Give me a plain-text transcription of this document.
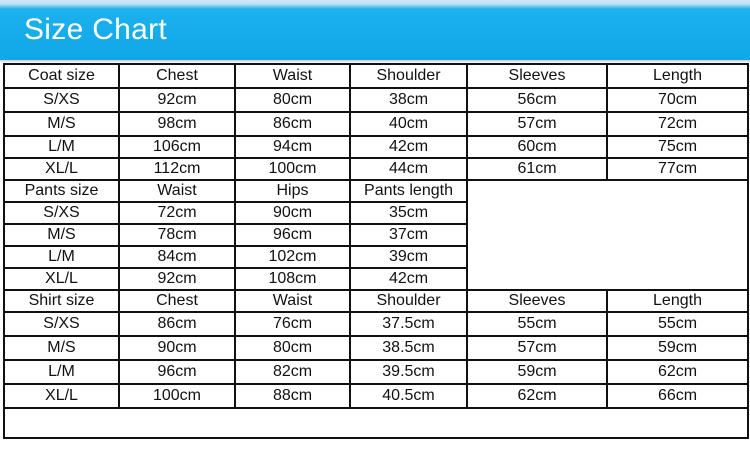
Size Chart
Coat size	Chest	Waist	Shoulder	Sleeves	Length
S/XS	92cm	80cm	38cm	56cm	70cm
M/S	98cm	86cm	40cm	57cm	72cm
L/M	106cm	94cm	42cm	60cm	75cm
XL/L	112cm	100cm	44cm	61cm	77cm
Pants size	Waist	Hips	Pants length		
S/XS	72cm	90cm	35cm		
M/S	78cm	96cm	37cm		
L/M	84cm	102cm	39cm		
XL/L	92cm	108cm	42cm		
Shirt size	Chest	Waist	Shoulder	Sleeves	Length
S/XS	86cm	76cm	37.5cm	55cm	55cm
M/S	90cm	80cm	38.5cm	57cm	59cm
L/M	96cm	82cm	39.5cm	59cm	62cm
XL/L	100cm	88cm	40.5cm	62cm	66cm
